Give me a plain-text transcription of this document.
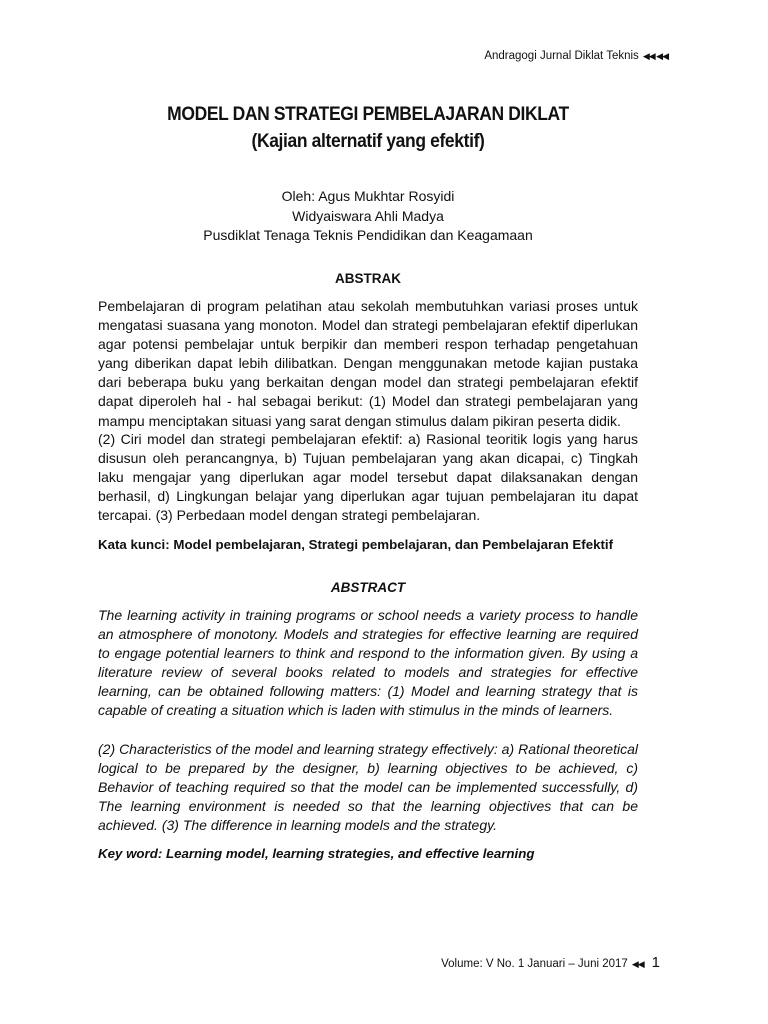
Andragogi Jurnal Diklat Teknis ◀◀ ◀◀
MODEL DAN STRATEGI PEMBELAJARAN DIKLAT
(Kajian alternatif yang efektif)
Oleh: Agus Mukhtar Rosyidi
Widyaiswara Ahli Madya
Pusdiklat Tenaga Teknis Pendidikan dan Keagamaan
ABSTRAK

Pembelajaran di program pelatihan atau sekolah membutuhkan variasi proses untuk mengatasi suasana yang monoton. Model dan strategi pembelajaran efektif diperlukan agar potensi pembelajar untuk berpikir dan memberi respon terhadap pengetahuan yang diberikan dapat lebih dilibatkan. Dengan menggunakan metode kajian pustaka dari beberapa buku yang berkaitan dengan model dan strategi pembelajaran efektif dapat diperoleh hal - hal sebagai berikut: (1) Model dan strategi pembelajaran yang mampu menciptakan situasi yang sarat dengan stimulus dalam pikiran peserta didik.

(2) Ciri model dan strategi pembelajaran efektif: a) Rasional teoritik logis yang harus disusun oleh perancangnya, b) Tujuan pembelajaran yang akan dicapai, c) Tingkah laku mengajar yang diperlukan agar model tersebut dapat dilaksanakan dengan berhasil, d) Lingkungan belajar yang diperlukan agar tujuan pembelajaran itu dapat tercapai. (3) Perbedaan model dengan strategi pembelajaran.

Kata kunci: Model pembelajaran, Strategi pembelajaran, dan Pembelajaran Efektif

ABSTRACT

The learning activity in training programs or school needs a variety process to handle an atmosphere of monotony. Models and strategies for effective learning are required to engage potential learners to think and respond to the information given. By using a literature review of several books related to models and strategies for effective learning, can be obtained following matters: (1) Model and learning strategy that is capable of creating a situation which is laden with stimulus in the minds of learners.

(2) Characteristics of the model and learning strategy effectively: a) Rational theoretical logical to be prepared by the designer, b) learning objectives to be achieved, c) Behavior of teaching required so that the model can be implemented successfully, d) The learning environment is needed so that the learning objectives that can be achieved. (3) The difference in learning models and the strategy.

Key word: Learning model, learning strategies, and effective learning

Volume: V No. 1 Januari – Juni 2017 ◀◀ 1
